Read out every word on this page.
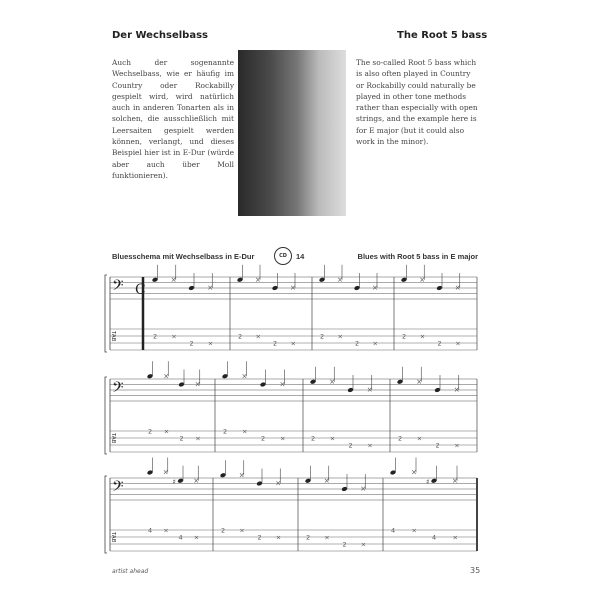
Der Wechselbass	The Root 5 bass
Auch der sogenannte Wechselbass, wie er häufig im Country oder Rockabilly gespielt wird, wird natürlich auch in anderen Tonarten als in solchen, die ausschließlich mit Leersaiten gespielt werden können, verlangt, und dieses Beispiel hier ist in E-Dur (würde aber auch über Moll funktionieren).
The so-called Root 5 bass which is also often played in Country or Rockabilly could naturally be played in other tone methods rather than especially with open strings, and the example here is for E major (but it could also work in the minor).
Bluesschema mit Wechselbass in E-Dur	CD	14	Blues with Root 5 bass in E major
𝄢
TAB
C
2
×
×
2
×
×
2
×
×
2
×
×
2
×
×
2
×
×
2
×
×
2
×
×
𝄢
TAB
2
×
×
2
×
×
2
×
×
2
×
×	2
×
×
2
×
×
2
×
×
2
×
×
𝄢
TAB
4
×
×
♯
4
×
×
2
×
×
2
×
×	2
×
×
2
×
×
4
×
×
♯
4
×
×
artist ahead	35
